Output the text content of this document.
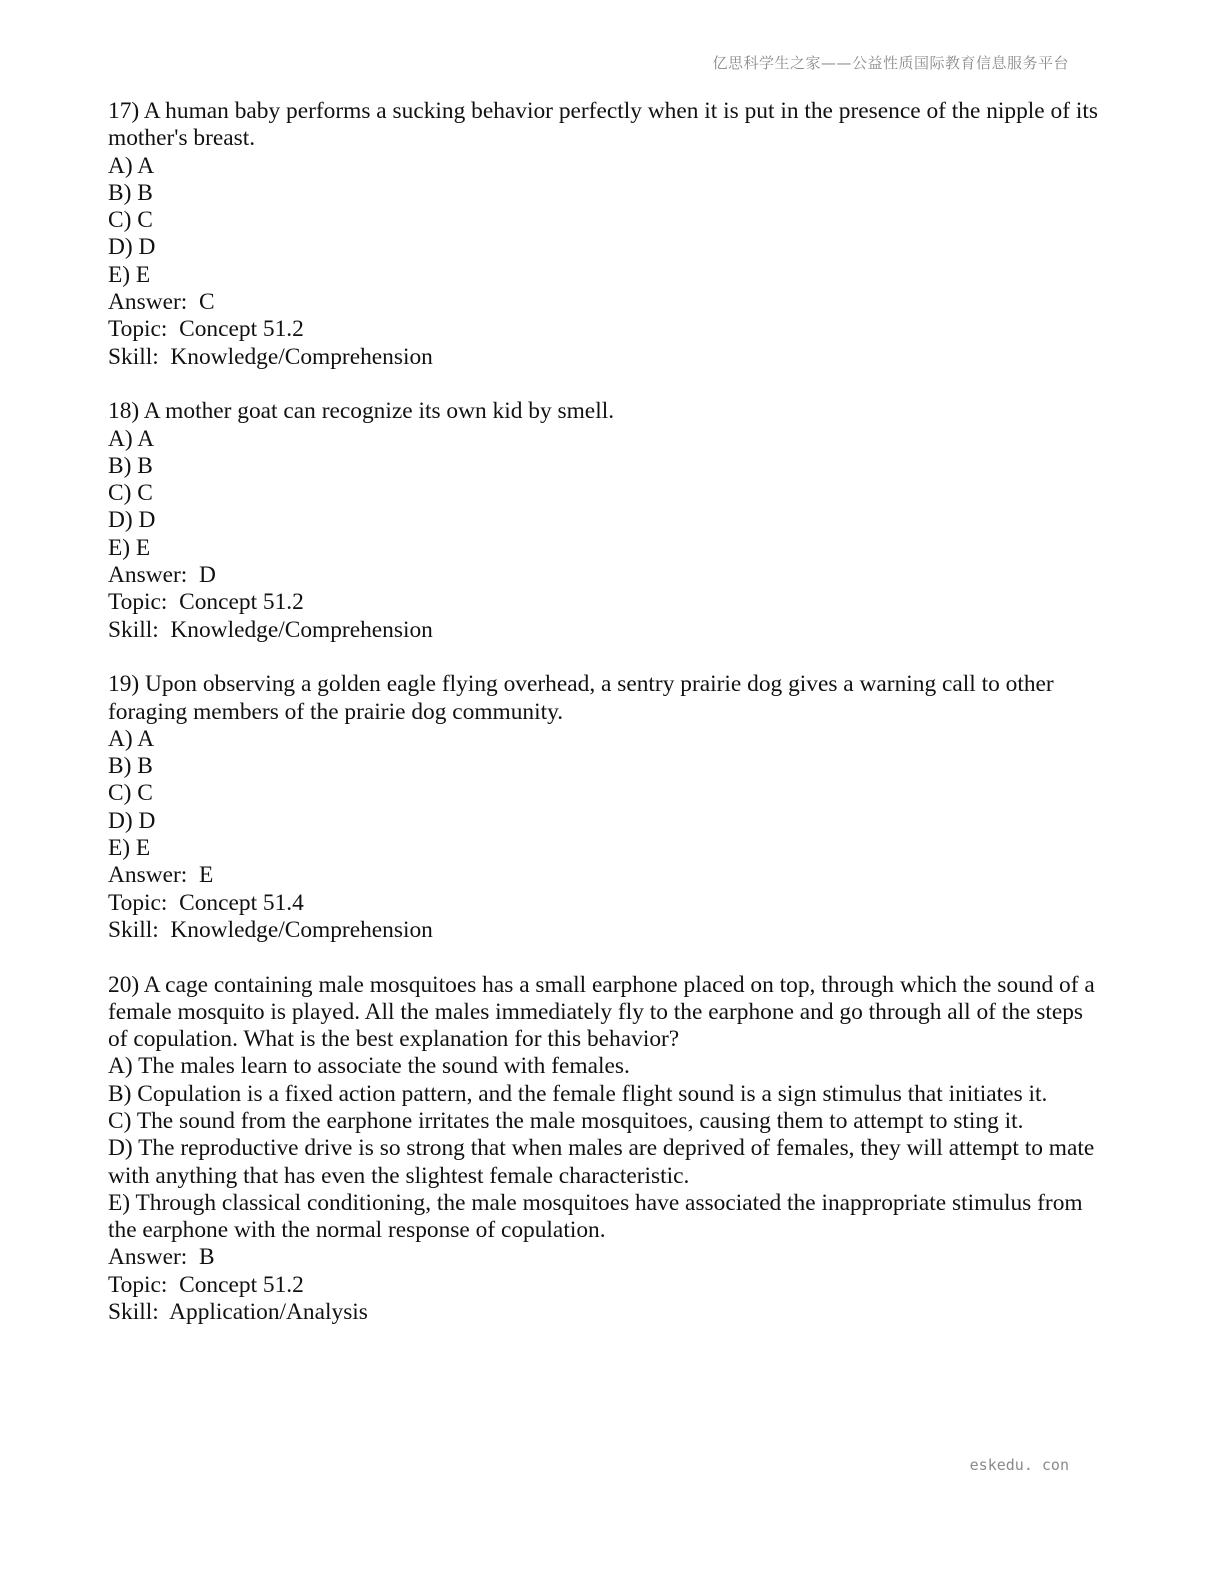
亿思科学生之家——公益性质国际教育信息服务平台
17) A human baby performs a sucking behavior perfectly when it is put in the presence of the nipple of its mother's breast.
A) A
B) B
C) C
D) D
E) E
Answer:  C
Topic:  Concept 51.2
Skill:  Knowledge/Comprehension
18) A mother goat can recognize its own kid by smell.
A) A
B) B
C) C
D) D
E) E
Answer:  D
Topic:  Concept 51.2
Skill:  Knowledge/Comprehension
19) Upon observing a golden eagle flying overhead, a sentry prairie dog gives a warning call to other foraging members of the prairie dog community.
A) A
B) B
C) C
D) D
E) E
Answer:  E
Topic:  Concept 51.4
Skill:  Knowledge/Comprehension
20) A cage containing male mosquitoes has a small earphone placed on top, through which the sound of a female mosquito is played. All the males immediately fly to the earphone and go through all of the steps of copulation. What is the best explanation for this behavior?
A) The males learn to associate the sound with females.
B) Copulation is a fixed action pattern, and the female flight sound is a sign stimulus that initiates it.
C) The sound from the earphone irritates the male mosquitoes, causing them to attempt to sting it.
D) The reproductive drive is so strong that when males are deprived of females, they will attempt to mate with anything that has even the slightest female characteristic.
E) Through classical conditioning, the male mosquitoes have associated the inappropriate stimulus from the earphone with the normal response of copulation.
Answer:  B
Topic:  Concept 51.2
Skill:  Application/Analysis
eskedu. con
